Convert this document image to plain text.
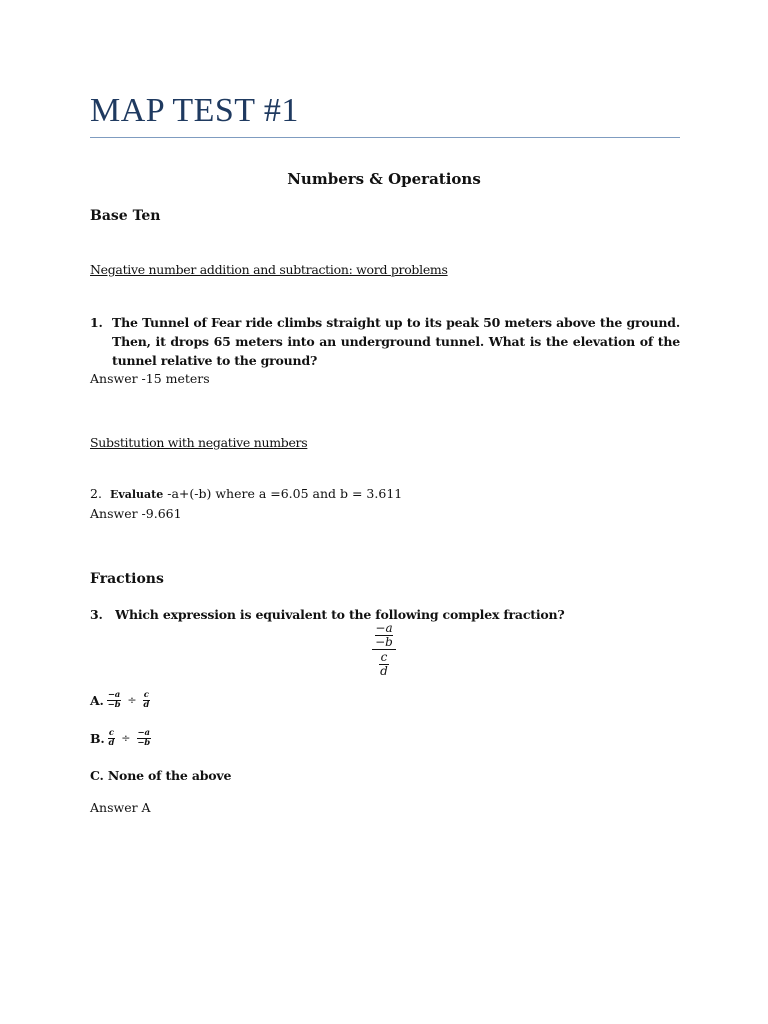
MAP TEST #1

Numbers & Operations

Base Ten

Negative number addition and subtraction: word problems

1. The Tunnel of Fear ride climbs straight up to its peak 50 meters above the ground. Then, it drops 65 meters into an underground tunnel. What is the elevation of the tunnel relative to the ground?

Answer -15 meters

Substitution with negative numbers

2. Evaluate -a+(-b) where a =6.05 and b = 3.611

Answer -9.661

Fractions

3. Which expression is equivalent to the following complex fraction?

−a
−b
c
d
A. $\frac{-a}{-b} \div \frac{c}{d}$
B. $\frac{c}{d} \div \frac{-a}{-b}$

C. None of the above

Answer A
